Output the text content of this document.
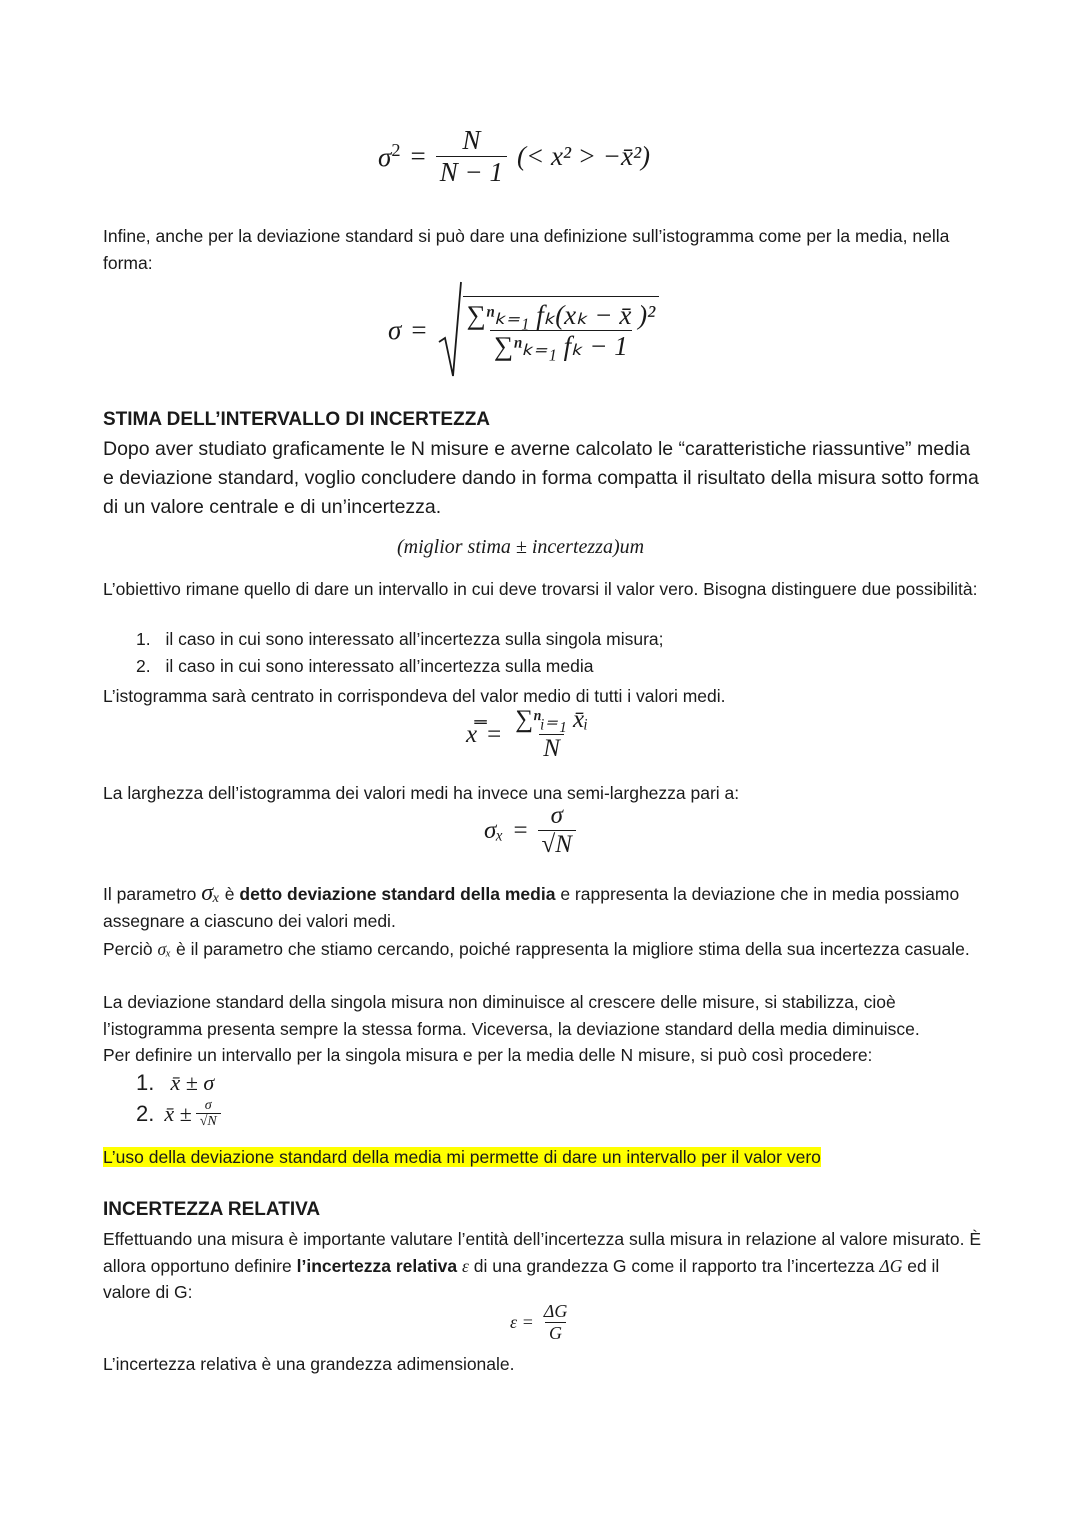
$\sigma^2 = \frac{N}{N - 1}$ (< x² > −x̄²)
Infine, anche per la deviazione standard si può dare una definizione sull’istogramma come per la media, nella forma:
$\sigma = \frac{\text{∑ⁿₖ₌₁ fₖ(xₖ − x̄ )²}}{\text{∑ⁿₖ₌₁ fₖ − 1}}$
STIMA DELL’INTERVALLO DI INCERTEZZA
Dopo aver studiato graficamente le N misure e averne calcolato le “caratteristiche riassuntive” media e deviazione standard, voglio concludere dando in forma compatta il risultato della misura sotto forma di un valore centrale e di un’incertezza.
(miglior stima ± incertezza)um
L’obiettivo rimane quello di dare un intervallo in cui deve trovarsi il valor vero. Bisogna distinguere due possibilità:
1. il caso in cui sono interessato all’incertezza sulla singola misura;
2. il caso in cui sono interessato all’incertezza sulla media
L’istogramma sarà centrato in corrispondeva del valor medio di tutti i valori medi.
x̿ = $\frac{\text{∑ⁿᵢ₌₁ x̄ᵢ}}{N}$
La larghezza dell’istogramma dei valori medi ha invece una semi-larghezza pari a:
$\sigma_x = \frac{\sigma}{√N}$
Il parametro σₓ è detto deviazione standard della media e rappresenta la deviazione che in media possiamo assegnare a ciascuno dei valori medi.
Perciò σₓ è il parametro che stiamo cercando, poiché rappresenta la migliore stima della sua incertezza casuale.
La deviazione standard della singola misura non diminuisce al crescere delle misure, si stabilizza, cioè l’istogramma presenta sempre la stessa forma. Viceversa, la deviazione standard della media diminuisce.
Per definire un intervallo per la singola misura e per la media delle N misure, si può così procedere:
1. x̄ ± σ
2. x̄ ± $\frac{\sigma}{√N}$
L’uso della deviazione standard della media mi permette di dare un intervallo per il valor vero
INCERTEZZA RELATIVA
Effettuando una misura è importante valutare l’entità dell’incertezza sulla misura in relazione al valore misurato. È allora opportuno definire l’incertezza relativa ε di una grandezza G come il rapporto tra l’incertezza ΔG ed il valore di G:
$\varepsilon = \frac{\Delta G}{G}$
L’incertezza relativa è una grandezza adimensionale.
